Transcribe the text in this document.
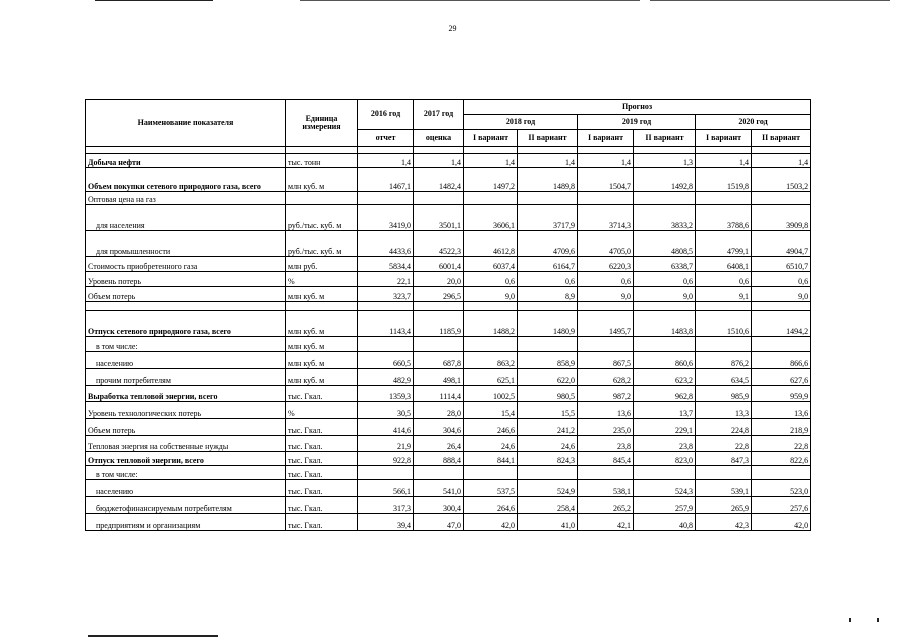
29
Наименование показателя	Единица измерения	2016 год	2017 год	Прогноз					
				2018 год		2019 год		2020 год	
		отчет	оценка	I вариант	II вариант	I вариант	II вариант	I вариант	II вариант

Добыча нефти	тыс. тонн	1,4	1,4	1,4	1,4	1,4	1,3	1,4	1,4
Объем покупки сетевого природного газа, всего	млн куб. м	1467,1	1482,4	1497,2	1489,8	1504,7	1492,8	1519,8	1503,2
Оптовая цена на газ									
для населения	руб./тыс. куб. м	3419,0	3501,1	3606,1	3717,9	3714,3	3833,2	3788,6	3909,8
для промышленности	руб./тыс. куб. м	4433,6	4522,3	4612,8	4709,6	4705,0	4808,5	4799,1	4904,7
Стоимость приобретенного газа	млн руб.	5834,4	6001,4	6037,4	6164,7	6220,3	6338,7	6408,1	6510,7
Уровень потерь	%	22,1	20,0	0,6	0,6	0,6	0,6	0,6	0,6
Объем потерь	млн куб. м	323,7	296,5	9,0	8,9	9,0	9,0	9,1	9,0

Отпуск сетевого природного газа, всего	млн куб. м	1143,4	1185,9	1488,2	1480,9	1495,7	1483,8	1510,6	1494,2
в том числе:	млн куб. м								
населению	млн куб. м	660,5	687,8	863,2	858,9	867,5	860,6	876,2	866,6
прочим потребителям	млн куб. м	482,9	498,1	625,1	622,0	628,2	623,2	634,5	627,6
Выработка тепловой энергии, всего	тыс. Гкал.	1359,3	1114,4	1002,5	980,5	987,2	962,8	985,9	959,9
Уровень технологических потерь	%	30,5	28,0	15,4	15,5	13,6	13,7	13,3	13,6
Объем потерь	тыс. Гкал.	414,6	304,6	246,6	241,2	235,0	229,1	224,8	218,9
Тепловая энергия на собственные нужды	тыс. Гкал.	21,9	26,4	24,6	24,6	23,8	23,8	22,8	22,8
Отпуск тепловой энергии, всего	тыс. Гкал.	922,8	888,4	844,1	824,3	845,4	823,0	847,3	822,6
в том числе:	тыс. Гкал.								
населению	тыс. Гкал.	566,1	541,0	537,5	524,9	538,1	524,3	539,1	523,0
бюджетофинансируемым потребителям	тыс. Гкал.	317,3	300,4	264,6	258,4	265,2	257,9	265,9	257,6
предприятиям и организациям	тыс. Гкал.	39,4	47,0	42,0	41,0	42,1	40,8	42,3	42,0
